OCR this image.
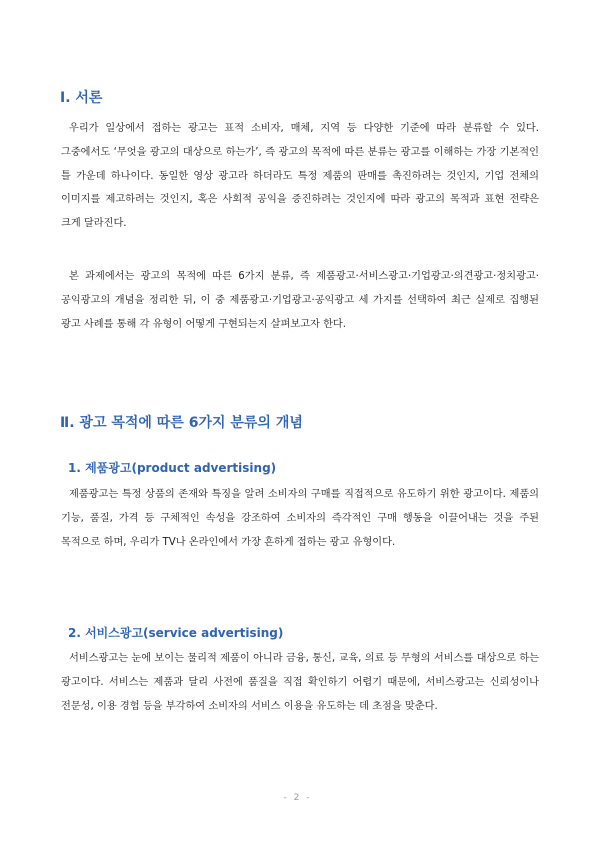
Ⅰ. 서론

우리가 일상에서 접하는 광고는 표적 소비자, 매체, 지역 등 다양한 기준에 따라 분류할 수 있다. 그중에서도 ‘무엇을 광고의 대상으로 하는가’, 즉 광고의 목적에 따른 분류는 광고를 이해하는 가장 기본적인 틀 가운데 하나이다. 동일한 영상 광고라 하더라도 특정 제품의 판매를 촉진하려는 것인지, 기업 전체의 이미지를 제고하려는 것인지, 혹은 사회적 공익을 증진하려는 것인지에 따라 광고의 목적과 표현 전략은 크게 달라진다.

본 과제에서는 광고의 목적에 따른 6가지 분류, 즉 제품광고·서비스광고·기업광고·의견광고·정치광고·공익광고의 개념을 정리한 뒤, 이 중 제품광고·기업광고·공익광고 세 가지를 선택하여 최근 실제로 집행된 광고 사례를 통해 각 유형이 어떻게 구현되는지 살펴보고자 한다.

Ⅱ. 광고 목적에 따른 6가지 분류의 개념
1. 제품광고(product advertising)

제품광고는 특정 상품의 존재와 특징을 알려 소비자의 구매를 직접적으로 유도하기 위한 광고이다. 제품의 기능, 품질, 가격 등 구체적인 속성을 강조하여 소비자의 즉각적인 구매 행동을 이끌어내는 것을 주된 목적으로 하며, 우리가 TV나 온라인에서 가장 흔하게 접하는 광고 유형이다.

2. 서비스광고(service advertising)

서비스광고는 눈에 보이는 물리적 제품이 아니라 금융, 통신, 교육, 의료 등 무형의 서비스를 대상으로 하는 광고이다. 서비스는 제품과 달리 사전에 품질을 직접 확인하기 어렵기 때문에, 서비스광고는 신뢰성이나 전문성, 이용 경험 등을 부각하여 소비자의 서비스 이용을 유도하는 데 초점을 맞춘다.

- 2 -
